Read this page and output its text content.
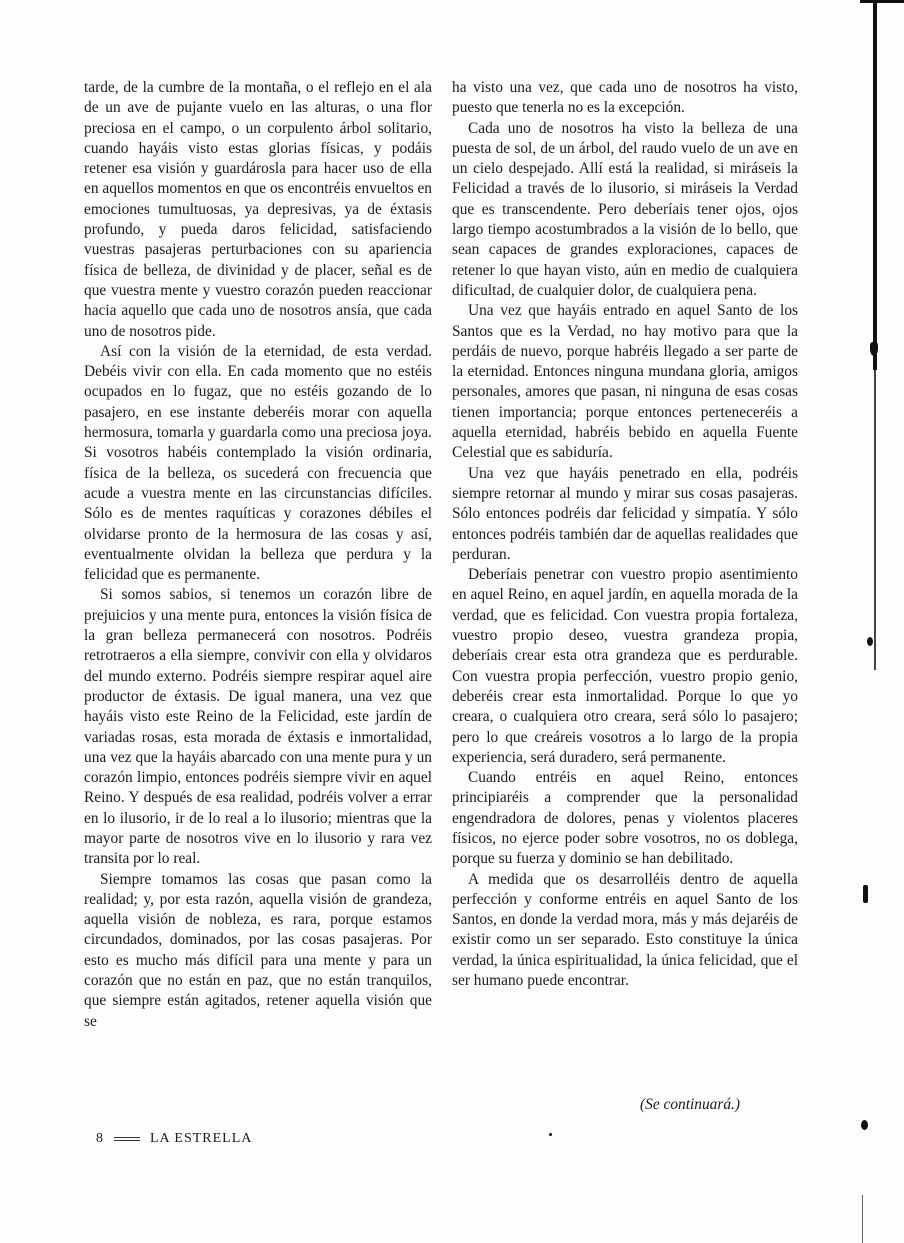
tarde, de la cumbre de la montaña, o el reflejo en el ala de un ave de pujante vuelo en las alturas, o una flor preciosa en el campo, o un corpulento árbol solitario, cuando hayáis visto estas glorias físicas, y podáis retener esa visión y guardárosla para hacer uso de ella en aquellos momentos en que os encontréis envueltos en emociones tumultuosas, ya depresivas, ya de éxtasis profundo, y pueda daros felicidad, satisfaciendo vuestras pasajeras perturbaciones con su apariencia física de belleza, de divinidad y de placer, señal es de que vuestra mente y vuestro corazón pueden reaccionar hacia aquello que cada uno de nosotros ansía, que cada uno de nosotros pide.

Así con la visión de la eternidad, de esta verdad. Debéis vivir con ella. En cada momento que no estéis ocupados en lo fugaz, que no estéis gozando de lo pasajero, en ese instante deberéis morar con aquella hermosura, tomarla y guardarla como una preciosa joya. Si vosotros habéis contemplado la visión ordinaria, física de la belleza, os sucederá con frecuencia que acude a vuestra mente en las circunstancias difíciles. Sólo es de mentes raquíticas y corazones débiles el olvidarse pronto de la hermosura de las cosas y así, eventualmente olvidan la belleza que perdura y la felicidad que es permanente.

Si somos sabios, si tenemos un corazón libre de prejuicios y una mente pura, entonces la visión física de la gran belleza permanecerá con nosotros. Podréis retrotraeros a ella siempre, convivir con ella y olvidaros del mundo externo. Podréis siempre respirar aquel aire productor de éxtasis. De igual manera, una vez que hayáis visto este Reino de la Felicidad, este jardín de variadas rosas, esta morada de éxtasis e inmortalidad, una vez que la hayáis abarcado con una mente pura y un corazón limpio, entonces podréis siempre vivir en aquel Reino. Y después de esa realidad, podréis volver a errar en lo ilusorio, ir de lo real a lo ilusorio; mientras que la mayor parte de nosotros vive en lo ilusorio y rara vez transita por lo real.

Siempre tomamos las cosas que pasan como la realidad; y, por esta razón, aquella visión de grandeza, aquella visión de nobleza, es rara, porque estamos circundados, dominados, por las cosas pasajeras. Por esto es mucho más difícil para una mente y para un corazón que no están en paz, que no están tranquilos, que siempre están agitados, retener aquella visión que se

ha visto una vez, que cada uno de nosotros ha visto, puesto que tenerla no es la excepción.

Cada uno de nosotros ha visto la belleza de una puesta de sol, de un árbol, del raudo vuelo de un ave en un cielo despejado. Allí está la realidad, si miráseis la Felicidad a través de lo ilusorio, si miráseis la Verdad que es transcendente. Pero deberíais tener ojos, ojos largo tiempo acostumbrados a la visión de lo bello, que sean capaces de grandes exploraciones, capaces de retener lo que hayan visto, aún en medio de cualquiera dificultad, de cualquier dolor, de cualquiera pena.

Una vez que hayáis entrado en aquel Santo de los Santos que es la Verdad, no hay motivo para que la perdáis de nuevo, porque habréis llegado a ser parte de la eternidad. Entonces ninguna mundana gloria, amigos personales, amores que pasan, ni ninguna de esas cosas tienen importancia; porque entonces perteneceréis a aquella eternidad, habréis bebido en aquella Fuente Celestial que es sabiduría.

Una vez que hayáis penetrado en ella, podréis siempre retornar al mundo y mirar sus cosas pasajeras. Sólo entonces podréis dar felicidad y simpatía. Y sólo entonces podréis también dar de aquellas realidades que perduran.

Deberíais penetrar con vuestro propio asentimiento en aquel Reino, en aquel jardín, en aquella morada de la verdad, que es felicidad. Con vuestra propia fortaleza, vuestro propio deseo, vuestra grandeza propia, deberíais crear esta otra grandeza que es perdurable. Con vuestra propia perfección, vuestro propio genio, deberéis crear esta inmortalidad. Porque lo que yo creara, o cualquiera otro creara, será sólo lo pasajero; pero lo que creáreis vosotros a lo largo de la propia experiencia, será duradero, será permanente.

Cuando entréis en aquel Reino, entonces principiaréis a comprender que la personalidad engendradora de dolores, penas y violentos placeres físicos, no ejerce poder sobre vosotros, no os doblega, porque su fuerza y dominio se han debilitado.

A medida que os desarrolléis dentro de aquella perfección y conforme entréis en aquel Santo de los Santos, en donde la verdad mora, más y más dejaréis de existir como un ser separado. Esto constituye la única verdad, la única espiritualidad, la única felicidad, que el ser humano puede encontrar.

(Se continuará.)
8	LA ESTRELLA
